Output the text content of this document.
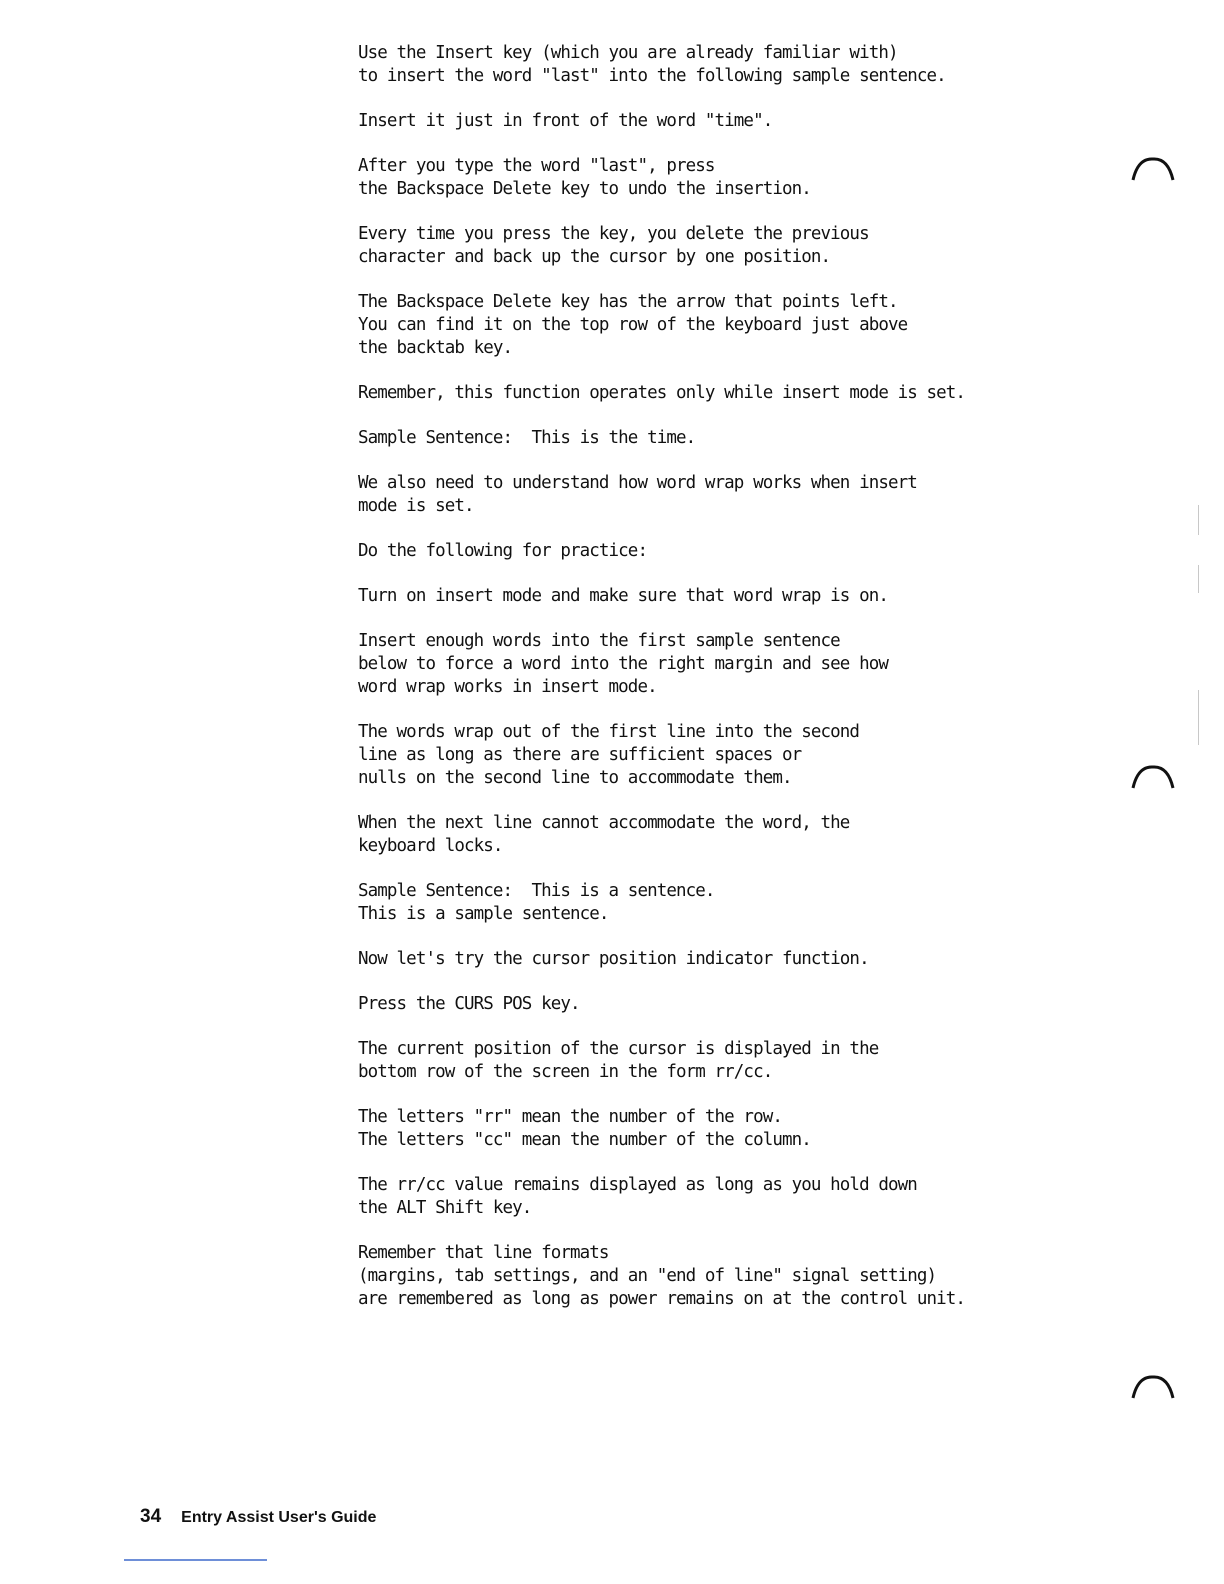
Use the Insert key (which you are already familiar with)
to insert the word "last" into the following sample sentence.

Insert it just in front of the word "time".

After you type the word "last", press
the Backspace Delete key to undo the insertion.

Every time you press the key, you delete the previous
character and back up the cursor by one position.

The Backspace Delete key has the arrow that points left.
You can find it on the top row of the keyboard just above
the backtab key.

Remember, this function operates only while insert mode is set.

Sample Sentence:  This is the time.

We also need to understand how word wrap works when insert
mode is set.

Do the following for practice:

Turn on insert mode and make sure that word wrap is on.

Insert enough words into the first sample sentence
below to force a word into the right margin and see how
word wrap works in insert mode.

The words wrap out of the first line into the second
line as long as there are sufficient spaces or
nulls on the second line to accommodate them.

When the next line cannot accommodate the word, the
keyboard locks.

Sample Sentence:  This is a sentence.
This is a sample sentence.

Now let's try the cursor position indicator function.

Press the CURS POS key.

The current position of the cursor is displayed in the
bottom row of the screen in the form rr/cc.

The letters "rr" mean the number of the row.
The letters "cc" mean the number of the column.

The rr/cc value remains displayed as long as you hold down
the ALT Shift key.

Remember that line formats
(margins, tab settings, and an "end of line" signal setting)
are remembered as long as power remains on at the control unit.

34 Entry Assist User's Guide
